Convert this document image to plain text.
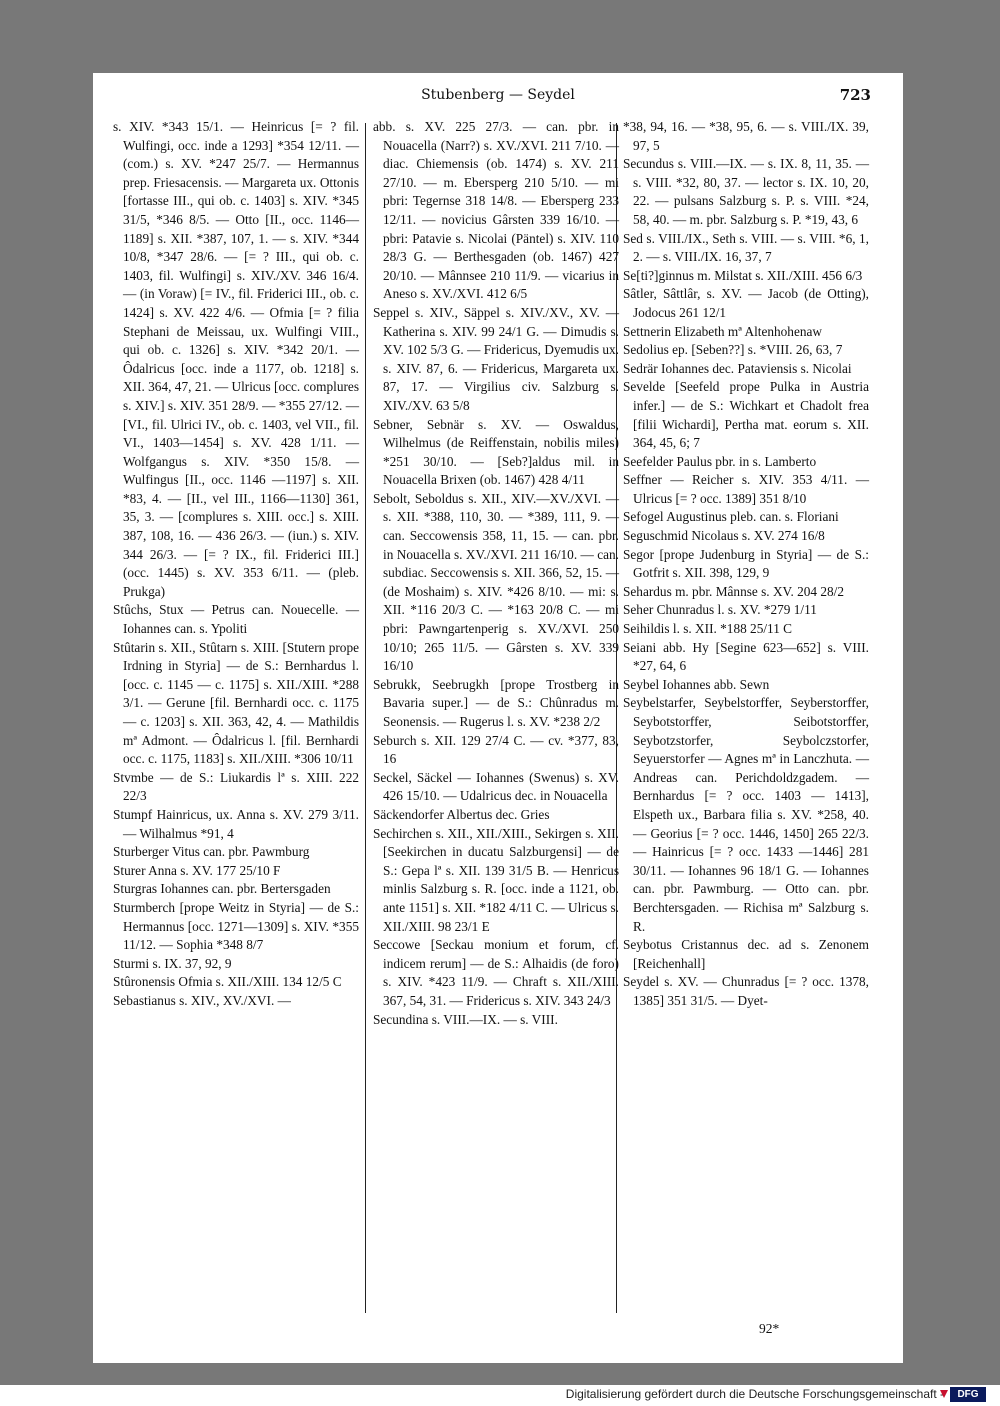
Stubenberg — Seydel	723
s. XIV. *343 15/1. — Heinricus [= ? fil. Wulfingi, occ. inde a 1293] *354 12/11. — (com.) s. XV. *247 25/7. — Hermannus prep. Friesacensis. — Margareta ux. Ottonis [fortasse III., qui ob. c. 1403] s. XIV. *345 31/5, *346 8/5. — Otto [II., occ. 1146—1189] s. XII. *387, 107, 1. — s. XIV. *344 10/8, *347 28/6. — [= ? III., qui ob. c. 1403, fil. Wulfingi] s. XIV./XV. 346 16/4. — (in Voraw) [= IV., fil. Friderici III., ob. c. 1424] s. XV. 422 4/6. — Ofmia [= ? filia Stephani de Meissau, ux. Wulfingi VIII., qui ob. c. 1326] s. XIV. *342 20/1. — Ôdalricus [occ. inde a 1177, ob. 1218] s. XII. 364, 47, 21. — Ulricus [occ. complures s. XIV.] s. XIV. 351 28/9. — *355 27/12. — [VI., fil. Ulrici IV., ob. c. 1403, vel VII., fil. VI., 1403—1454] s. XV. 428 1/11. — Wolfgangus s. XIV. *350 15/8. — Wulfingus [II., occ. 1146 —1197] s. XII. *83, 4. — [II., vel III., 1166—1130] 361, 35, 3. — [complures s. XIII. occ.] s. XIII. 387, 108, 16. — 436 26/3. — (iun.) s. XIV. 344 26/3. — [= ? IX., fil. Friderici III.] (occ. 1445) s. XV. 353 6/11. — (pleb. Prukga)
Stûchs, Stux — Petrus can. Nouecelle. — Iohannes can. s. Ypoliti
Stûtarin s. XII., Stûtarn s. XIII. [Stutern prope Irdning in Styria] — de S.: Bernhardus l. [occ. c. 1145 — c. 1175] s. XII./XIII. *288 3/1. — Gerune [fil. Bernhardi occ. c. 1175 — c. 1203] s. XII. 363, 42, 4. — Mathildis mª Admont. — Ôdalricus l. [fil. Bernhardi occ. c. 1175, 1183] s. XII./XIII. *306 10/11
Stvmbe — de S.: Liukardis lª s. XIII. 222 22/3
Stumpf Hainricus, ux. Anna s. XV. 279 3/11. — Wilhalmus *91, 4
Sturberger Vitus can. pbr. Pawmburg
Sturer Anna s. XV. 177 25/10 F
Sturgras Iohannes can. pbr. Bertersgaden
Sturmberch [prope Weitz in Styria] — de S.: Hermannus [occ. 1271—1309] s. XIV. *355 11/12. — Sophia *348 8/7
Sturmi s. IX. 37, 92, 9
Stûronensis Ofmia s. XII./XIII. 134 12/5 C
Sebastianus s. XIV., XV./XVI. —
abb. s. XV. 225 27/3. — can. pbr. in Nouacella (Narr?) s. XV./XVI. 211 7/10. — diac. Chiemensis (ob. 1474) s. XV. 211 27/10. — m. Ebersperg 210 5/10. — mi pbri: Tegernse 318 14/8. — Ebersperg 233 12/11. — novicius Gârsten 339 16/10. — pbri: Patavie s. Nicolai (Päntel) s. XIV. 110 28/3 G. — Berthesgaden (ob. 1467) 427 20/10. — Mânnsee 210 11/9. — vicarius in Aneso s. XV./XVI. 412 6/5
Seppel s. XIV., Säppel s. XIV./XV., XV. — Katherina s. XIV. 99 24/1 G. — Dimudis s. XV. 102 5/3 G. — Fridericus, Dyemudis ux. s. XIV. 87, 6. — Fridericus, Margareta ux. 87, 17. — Virgilius civ. Salzburg s. XIV./XV. 63 5/8
Sebner, Sebnär s. XV. — Oswaldus, Wilhelmus (de Reiffenstain, nobilis miles) *251 30/10. — [Seb?]aldus mil. in Nouacella Brixen (ob. 1467) 428 4/11
Sebolt, Seboldus s. XII., XIV.—XV./XVI. — s. XII. *388, 110, 30. — *389, 111, 9. — can. Seccowensis 358, 11, 15. — can. pbr. in Nouacella s. XV./XVI. 211 16/10. — can. subdiac. Seccowensis s. XII. 366, 52, 15. — (de Moshaim) s. XIV. *426 8/10. — mi: s. XII. *116 20/3 C. — *163 20/8 C. — mi pbri: Pawngartenperig s. XV./XVI. 250 10/10; 265 11/5. — Gârsten s. XV. 339 16/10
Sebrukk, Seebrugkh [prope Trostberg in Bavaria super.] — de S.: Chûnradus m. Seonensis. — Rugerus l. s. XV. *238 2/2
Seburch s. XII. 129 27/4 C. — cv. *377, 83, 16
Seckel, Säckel — Iohannes (Swenus) s. XV. 426 15/10. — Udalricus dec. in Nouacella
Säckendorfer Albertus dec. Gries
Sechirchen s. XII., XII./XIII., Sekirgen s. XII. [Seekirchen in ducatu Salzburgensi] — de S.: Gepa lª s. XII. 139 31/5 B. — Henricus minlis Salzburg s. R. [occ. inde a 1121, ob. ante 1151] s. XII. *182 4/11 C. — Ulricus s. XII./XIII. 98 23/1 E
Seccowe [Seckau monium et forum, cf. indicem rerum] — de S.: Alhaidis (de foro) s. XIV. *423 11/9. — Chraft s. XII./XIII. 367, 54, 31. — Fridericus s. XIV. 343 24/3
Secundina s. VIII.—IX. — s. VIII.
*38, 94, 16. — *38, 95, 6. — s. VIII./IX. 39, 97, 5
Secundus s. VIII.—IX. — s. IX. 8, 11, 35. — s. VIII. *32, 80, 37. — lector s. IX. 10, 20, 22. — pulsans Salzburg s. P. s. VIII. *24, 58, 40. — m. pbr. Salzburg s. P. *19, 43, 6
Sed s. VIII./IX., Seth s. VIII. — s. VIII. *6, 1, 2. — s. VIII./IX. 16, 37, 7
Se[ti?]ginnus m. Milstat s. XII./XIII. 456 6/3
Sâtler, Sâttlâr, s. XV. — Jacob (de Otting), Jodocus 261 12/1
Settnerin Elizabeth mª Altenhohenaw
Sedolius ep. [Seben??] s. *VIII. 26, 63, 7
Sedrär Iohannes dec. Pataviensis s. Nicolai
Sevelde [Seefeld prope Pulka in Austria infer.] — de S.: Wichkart et Chadolt frea [filii Wichardi], Pertha mat. eorum s. XII. 364, 45, 6; 7
Seefelder Paulus pbr. in s. Lamberto
Seffner — Reicher s. XIV. 353 4/11. — Ulricus [= ? occ. 1389] 351 8/10
Sefogel Augustinus pleb. can. s. Floriani
Seguschmid Nicolaus s. XV. 274 16/8
Segor [prope Judenburg in Styria] — de S.: Gotfrit s. XII. 398, 129, 9
Sehardus m. pbr. Mânnse s. XV. 204 28/2
Seher Chunradus l. s. XV. *279 1/11
Seihildis l. s. XII. *188 25/11 C
Seiani abb. Hy [Segine 623—652] s. VIII. *27, 64, 6
Seybel Iohannes abb. Sewn
Seybelstarfer, Seybelstorffer, Seyberstorffer, Seybotstorffer, Seibotstorffer, Seybotzstorfer, Seybolczstorfer, Seyuerstorfer — Agnes mª in Lanczhuta. — Andreas can. Perichdoldzgadem. — Bernhardus [= ? occ. 1403 — 1413], Elspeth ux., Barbara filia s. XV. *258, 40. — Georius [= ? occ. 1446, 1450] 265 22/3. — Hainricus [= ? occ. 1433 —1446] 281 30/11. — Iohannes 96 18/1 G. — Iohannes can. pbr. Pawmburg. — Otto can. pbr. Berchtersgaden. — Richisa mª Salzburg s. R.
Seybotus Cristannus dec. ad s. Zenonem [Reichenhall]
Seydel s. XV. — Chunradus [= ? occ. 1378, 1385] 351 31/5. — Dyet-
92*
Digitalisierung gefördert durch die Deutsche Forschungsgemeinschaft -	DFG
